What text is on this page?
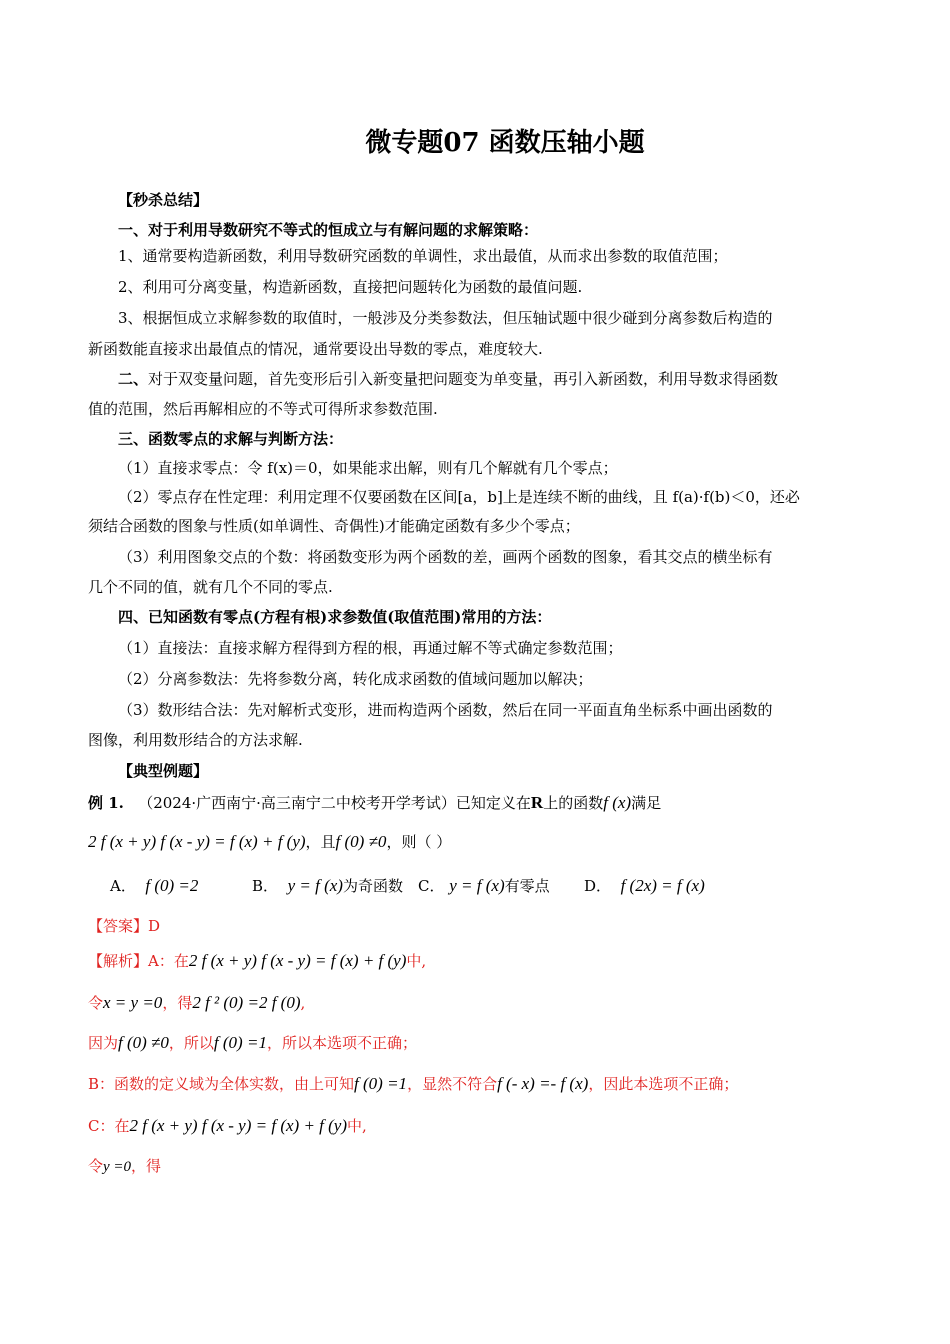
微专题07 函数压轴小题
【秒杀总结】
一、对于利用导数研究不等式的恒成立与有解问题的求解策略：
1、通常要构造新函数，利用导数研究函数的单调性，求出最值，从而求出参数的取值范围；
2、利用可分离变量，构造新函数，直接把问题转化为函数的最值问题.
3、根据恒成立求解参数的取值时，一般涉及分类参数法，但压轴试题中很少碰到分离参数后构造的
新函数能直接求出最值点的情况，通常要设出导数的零点，难度较大.
二、对于双变量问题，首先变形后引入新变量把问题变为单变量，再引入新函数，利用导数求得函数
值的范围，然后再解相应的不等式可得所求参数范围.
三、函数零点的求解与判断方法：
（1）直接求零点：令 f(x)＝0，如果能求出解，则有几个解就有几个零点；
（2）零点存在性定理：利用定理不仅要函数在区间[a，b]上是连续不断的曲线，且 f(a)·f(b)＜0，还必
须结合函数的图象与性质(如单调性、奇偶性)才能确定函数有多少个零点；
（3）利用图象交点的个数：将函数变形为两个函数的差，画两个函数的图象，看其交点的横坐标有
几个不同的值，就有几个不同的零点.
四、已知函数有零点(方程有根)求参数值(取值范围)常用的方法：
（1）直接法：直接求解方程得到方程的根，再通过解不等式确定参数范围；
（2）分离参数法：先将参数分离，转化成求函数的值域问题加以解决；
（3）数形结合法：先对解析式变形，进而构造两个函数，然后在同一平面直角坐标系中画出函数的
图像，利用数形结合的方法求解.
【典型例题】
例 1. （2024·广西南宁·高三南宁二中校考开学考试）已知定义在R上的函数f (x)满足
2 f (x + y) f (x - y) = f (x) + f (y)，且f (0) ≠0，则（ ）
A． f (0) =2	B． y = f (x)为奇函数 C． y = f (x)有零点 D． f (2x) = f (x)
【答案】D
【解析】A：在2 f (x + y) f (x - y) = f (x) + f (y)中,
令x = y =0，得2 f ² (0) =2 f (0),
因为f (0) ≠0，所以f (0) =1，所以本选项不正确；
B：函数的定义域为全体实数，由上可知f (0) =1，显然不符合f (- x) =- f (x)，因此本选项不正确；
C：在2 f (x + y) f (x - y) = f (x) + f (y)中,
令y =0，得
